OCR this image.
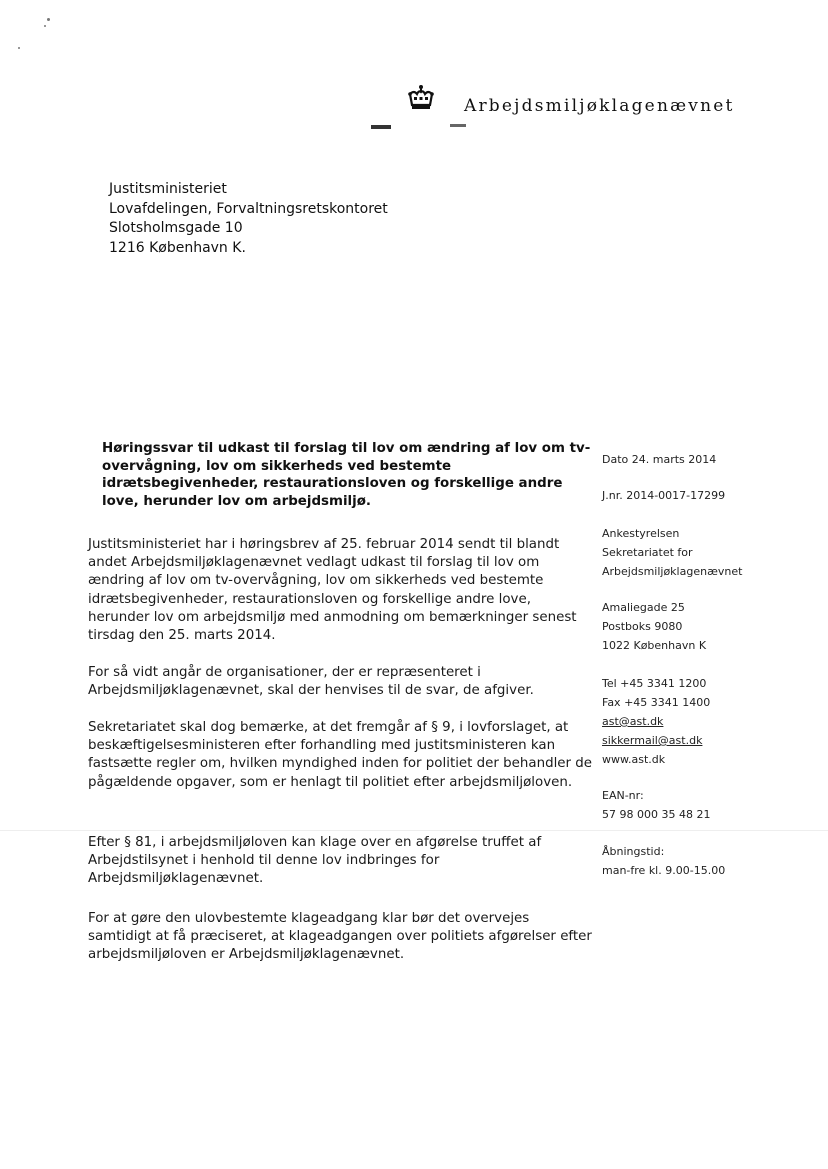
Arbejdsmiljøklagenævnet
Justitsministeriet
Lovafdelingen, Forvaltningsretskontoret
Slotsholmsgade 10
1216 København K.
Høringssvar til udkast til forslag til lov om ændring af lov om tv-overvågning, lov om sikkerheds ved bestemte idrætsbegivenheder, restaurationsloven og forskellige andre love, herunder lov om arbejdsmiljø.

Justitsministeriet har i høringsbrev af 25. februar 2014 sendt til blandt andet Arbejdsmiljøklagenævnet vedlagt udkast til forslag til lov om ændring af lov om tv-overvågning, lov om sikkerheds ved bestemte idrætsbegivenheder, restaurationsloven og forskellige andre love, herunder lov om arbejdsmiljø med anmodning om bemærkninger senest tirsdag den 25. marts 2014.

For så vidt angår de organisationer, der er repræsenteret i Arbejdsmiljøklagenævnet, skal der henvises til de svar, de afgiver.

Sekretariatet skal dog bemærke, at det fremgår af § 9, i lovforslaget, at beskæftigelsesministeren efter forhandling med justitsministeren kan fastsætte regler om, hvilken myndighed inden for politiet der behandler de pågældende opgaver, som er henlagt til politiet efter arbejdsmiljøloven.

Efter § 81, i arbejdsmiljøloven kan klage over en afgørelse truffet af Arbejdstilsynet i henhold til denne lov indbringes for Arbejdsmiljøklagenævnet.

For at gøre den ulovbestemte klageadgang klar bør det overvejes samtidigt at få præciseret, at klageadgangen over politiets afgørelser efter arbejdsmiljøloven er Arbejdsmiljøklagenævnet.

Dato 24. marts 2014
J.nr. 2014-0017-17299
Ankestyrelsen
Sekretariatet for
Arbejdsmiljøklagenævnet
Amaliegade 25
Postboks 9080
1022 København K
Tel +45 3341 1200
Fax +45 3341 1400
ast@ast.dk
sikkermail@ast.dk
www.ast.dk
EAN-nr:
57 98 000 35 48 21
Åbningstid:
man-fre kl. 9.00-15.00
